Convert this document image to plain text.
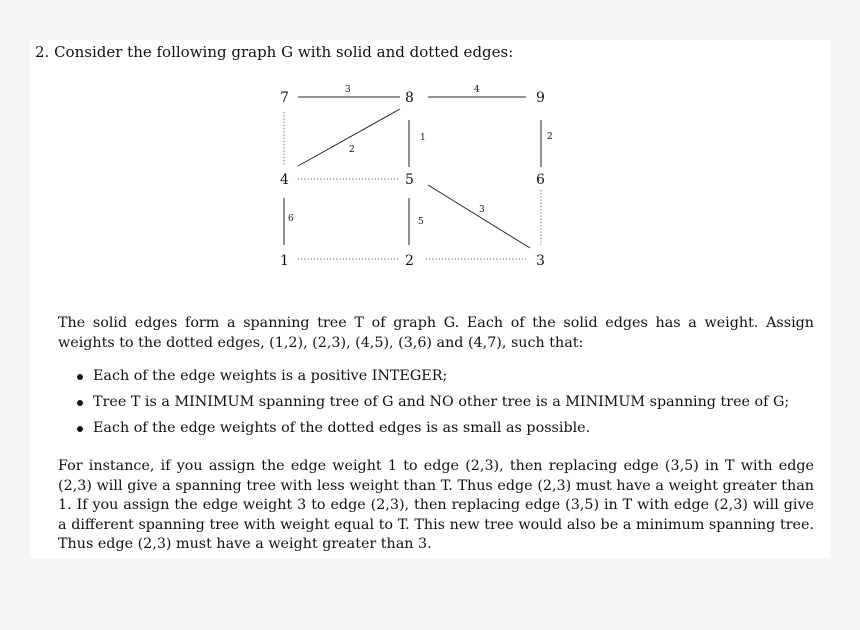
2. Consider the following graph G with solid and dotted edges:
3	4
2
1	2
6	5
3
7	8	9
4	5	6
1	2	3
The solid edges form a spanning tree T of graph G. Each of the solid edges has a weight. Assign weights to the dotted edges, (1,2), (2,3), (4,5), (3,6) and (4,7), such that:
Each of the edge weights is a positive INTEGER;
Tree T is a MINIMUM spanning tree of G and NO other tree is a MINIMUM spanning tree of G;
Each of the edge weights of the dotted edges is as small as possible.
For instance, if you assign the edge weight 1 to edge (2,3), then replacing edge (3,5) in T with edge (2,3) will give a spanning tree with less weight than T. Thus edge (2,3) must have a weight greater than 1. If you assign the edge weight 3 to edge (2,3), then replacing edge (3,5) in T with edge (2,3) will give a different spanning tree with weight equal to T. This new tree would also be a minimum spanning tree. Thus edge (2,3) must have a weight greater than 3.
